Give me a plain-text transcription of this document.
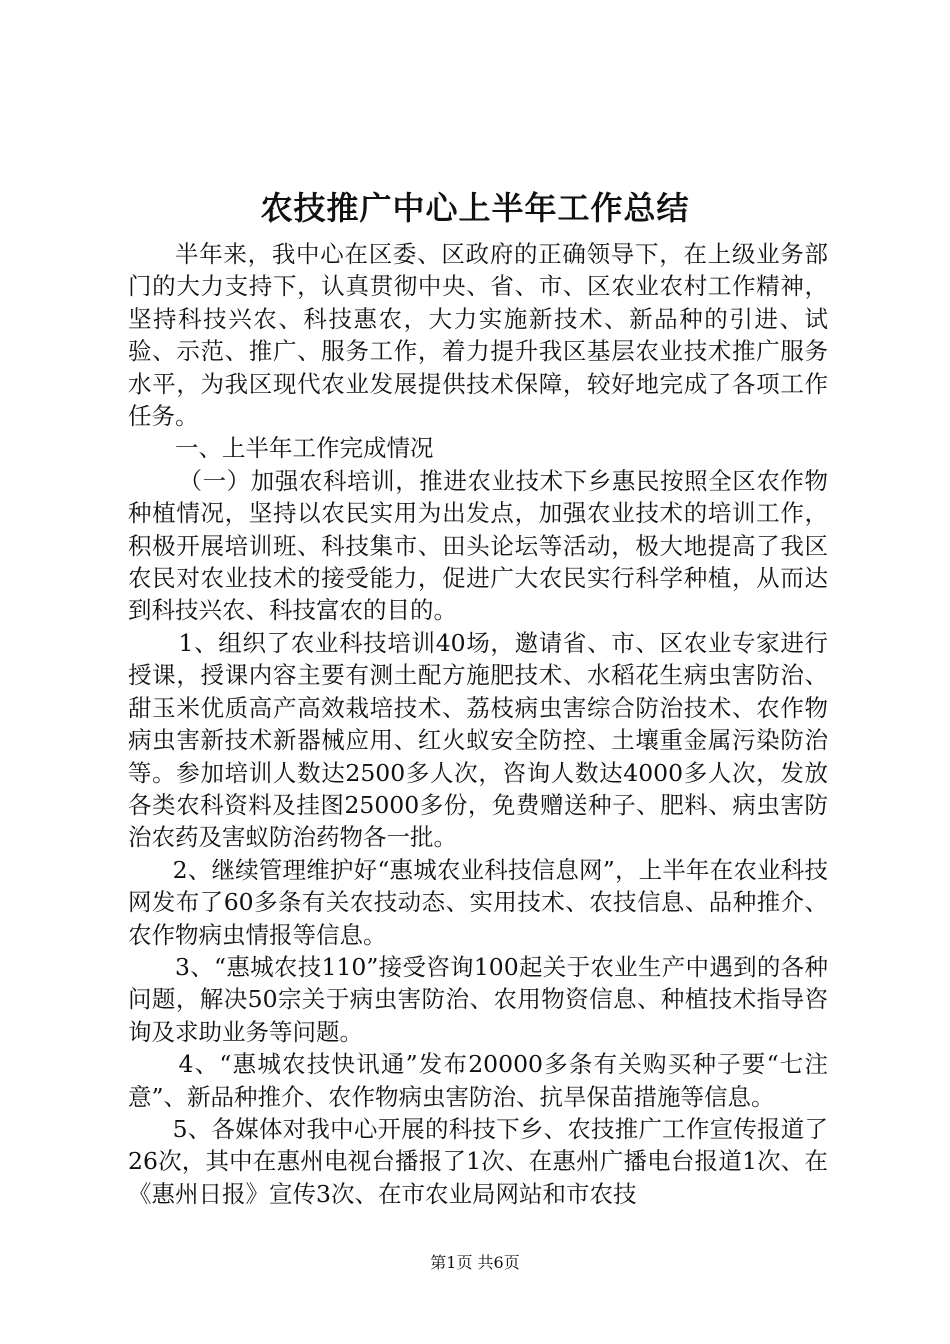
农技推广中心上半年工作总结

半年来，我中心在区委、区政府的正确领导下，在上级业务部门的大力支持下，认真贯彻中央、省、市、区农业农村工作精神，坚持科技兴农、科技惠农，大力实施新技术、新品种的引进、试验、示范、推广、服务工作，着力提升我区基层农业技术推广服务水平，为我区现代农业发展提供技术保障，较好地完成了各项工作任务。

一、上半年工作完成情况

（一）加强农科培训，推进农业技术下乡惠民按照全区农作物种植情况，坚持以农民实用为出发点，加强农业技术的培训工作，积极开展培训班、科技集市、田头论坛等活动，极大地提高了我区农民对农业技术的接受能力，促进广大农民实行科学种植，从而达到科技兴农、科技富农的目的。

1、组织了农业科技培训40场，邀请省、市、区农业专家进行授课，授课内容主要有测土配方施肥技术、水稻花生病虫害防治、甜玉米优质高产高效栽培技术、荔枝病虫害综合防治技术、农作物病虫害新技术新器械应用、红火蚁安全防控、土壤重金属污染防治等。参加培训人数达2500多人次，咨询人数达4000多人次，发放各类农科资料及挂图25000多份，免费赠送种子、肥料、病虫害防治农药及害蚁防治药物各一批。

2、继续管理维护好“惠城农业科技信息网”，上半年在农业科技网发布了60多条有关农技动态、实用技术、农技信息、品种推介、农作物病虫情报等信息。

3、“惠城农技110”接受咨询100起关于农业生产中遇到的各种问题，解决50宗关于病虫害防治、农用物资信息、种植技术指导咨询及求助业务等问题。

4、“惠城农技快讯通”发布20000多条有关购买种子要“七注意”、新品种推介、农作物病虫害防治、抗旱保苗措施等信息。

5、各媒体对我中心开展的科技下乡、农技推广工作宣传报道了26次，其中在惠州电视台播报了1次、在惠州广播电台报道1次、在《惠州日报》宣传3次、在市农业局网站和市农技

第1页 共6页
